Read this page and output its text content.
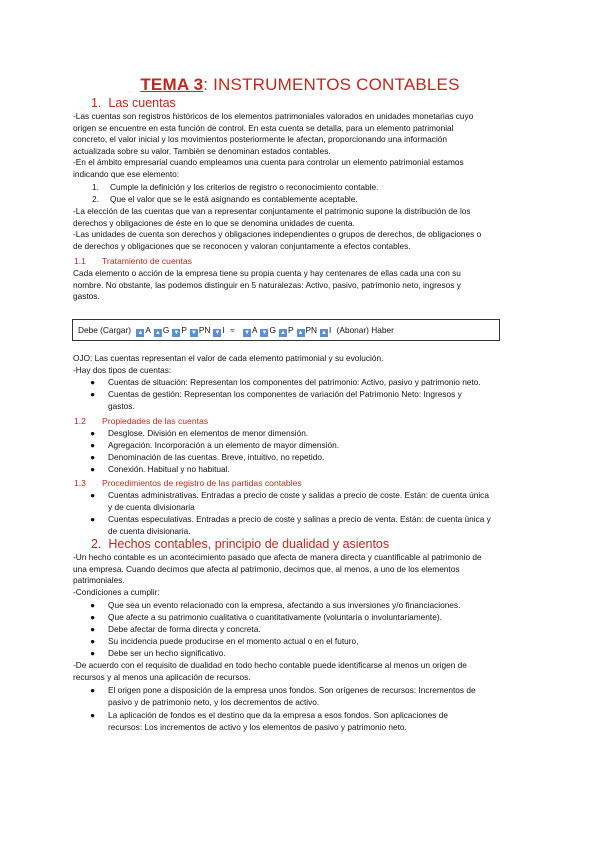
TEMA 3: INSTRUMENTOS CONTABLES
1. Las cuentas
-Las cuentas son registros históricos de los elementos patrimoniales valorados en unidades monetarias cuyo
origen se encuentre en esta función de control. En esta cuenta se detalla, para un elemento patrimonial
concreto, el valor inicial y los movimientos posteriormente le afectan, proporcionando una información
actualizada sobre su valor. También se denominan estados contables.
-En el ámbito empresarial cuando empleamos una cuenta para controlar un elemento patrimonial estamos
indicando que ese elemento:
1. Cumple la definición y los criterios de registro o reconocimiento contable.
2. Que el valor que se le está asignando es contablemente aceptable.
-La elección de las cuentas que van a representar conjuntamente el patrimonio supone la distribución de los
derechos y obligaciones de éste en lo que se denomina unidades de cuenta.
-Las unidades de cuenta son derechos y obligaciones independientes o grupos de derechos, de obligaciones o
de derechos y obligaciones que se reconocen y valoran conjuntamente a efectos contables.
1.1 Tratamiento de cuentas
Cada elemento o acción de la empresa tiene su propia cuenta y hay centenares de ellas cada una con su
nombre. No obstante, las podemos distinguir en 5 naturalezas: Activo, pasivo, patrimonio neto, ingresos y
gastos.
Debe (Cargar) ▲ A ▲ G ▼ P ▼ PN ▼ I ≈ ▼ A ▼ G ▲ P ▲ PN ▲ I (Abonar) Haber
OJO: Las cuentas representan el valor de cada elemento patrimonial y su evolución.
-Hay dos tipos de cuentas:
● Cuentas de situación: Representan los componentes del patrimonio: Activo, pasivo y patrimonio neto.
● Cuentas de gestión: Representan los componentes de variación del Patrimonio Neto: Ingresos y
gastos.
1.2 Propiedades de las cuentas
● Desglose. División en elementos de menor dimensión.
● Agregación. Incorporación a un elemento de mayor dimensión.
● Denominación de las cuentas. Breve, intuitivo, no repetido.
● Conexión. Habitual y no habitual.
1.3 Procedimientos de registro de las partidas contables
● Cuentas administrativas. Entradas a precio de coste y salidas a precio de coste. Están: de cuenta única
y de cuenta divisionaria
● Cuentas especulativas. Entradas a precio de coste y salinas a precio de venta. Están: de cuenta única y
de cuenta divisionaria.
2. Hechos contables, principio de dualidad y asientos
-Un hecho contable es un acontecimiento pasado que afecta de manera directa y cuantificable al patrimonio de
una empresa. Cuando decimos que afecta al patrimonio, decimos que, al menos, a uno de los elementos
patrimoniales.
-Condiciones a cumplir:
● Que sea un evento relacionado con la empresa, afectando a sus inversiones y/o financiaciones.
● Que afecte a su patrimonio cualitativa o cuantitativamente (voluntaria o involuntariamente).
● Debe afectar de forma directa y concreta.
● Su incidencia puede producirse en el momento actual o en el futuro,
● Debe ser un hecho significativo.
-De acuerdo con el requisito de dualidad en todo hecho contable puede identificarse al menos un origen de
recursos y al menos una aplicación de recursos.
● El origen pone a disposición de la empresa unos fondos. Son orígenes de recursos: Incrementos de
pasivo y de patrimonio neto, y los decrementos de activo.
● La aplicación de fondos es el destino que da la empresa a esos fondos. Son aplicaciones de
recursos: Los incrementos de activo y los elementos de pasivo y patrimonio neto.
